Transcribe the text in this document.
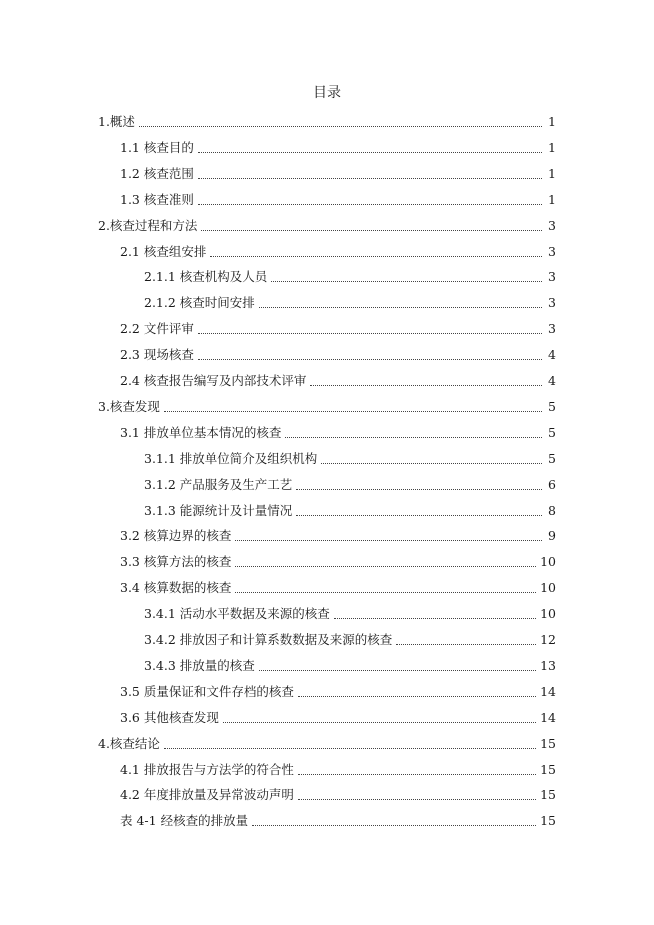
目录
1.概述	1
1.1 核查目的	1
1.2 核查范围	1
1.3 核查准则	1
2.核查过程和方法	3
2.1 核查组安排	3
2.1.1 核查机构及人员	3
2.1.2 核查时间安排	3
2.2 文件评审	3
2.3 现场核查	4
2.4 核查报告编写及内部技术评审	4
3.核查发现	5
3.1 排放单位基本情况的核查	5
3.1.1 排放单位简介及组织机构	5
3.1.2 产品服务及生产工艺	6
3.1.3 能源统计及计量情况	8
3.2 核算边界的核查	9
3.3 核算方法的核查	10
3.4 核算数据的核查	10
3.4.1 活动水平数据及来源的核查	10
3.4.2 排放因子和计算系数数据及来源的核查	12
3.4.3 排放量的核查	13
3.5 质量保证和文件存档的核查	14
3.6 其他核查发现	14
4.核查结论	15
4.1 排放报告与方法学的符合性	15
4.2 年度排放量及异常波动声明	15
表 4-1 经核查的排放量	15
